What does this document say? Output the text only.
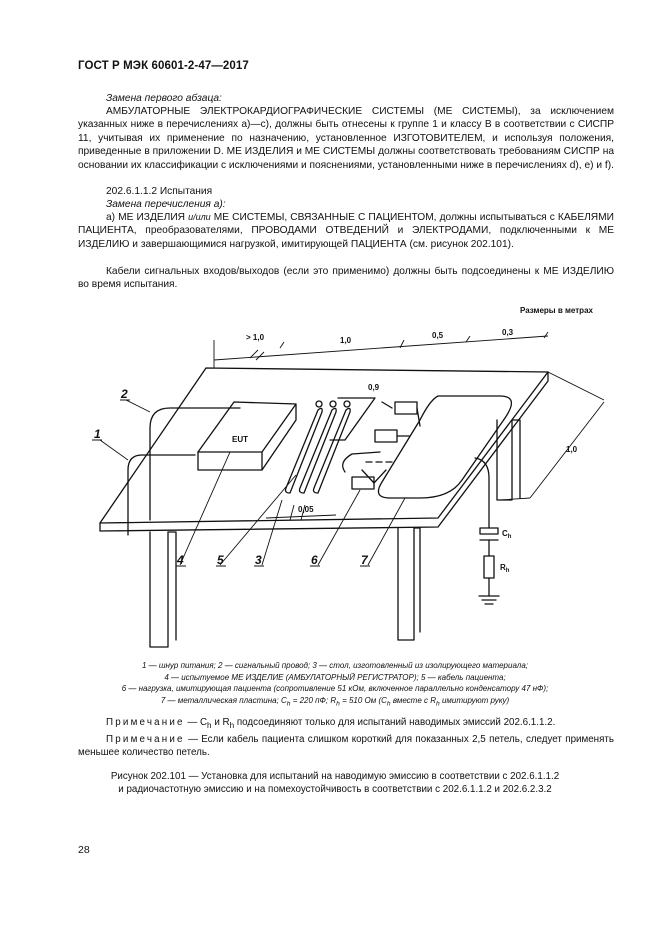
ГОСТ Р МЭК 60601-2-47—2017
Замена первого абзаца:
АМБУЛАТОРНЫЕ ЭЛЕКТРОКАРДИОГРАФИЧЕСКИЕ СИСТЕМЫ (МЕ СИСТЕМЫ), за исключением указанных ниже в перечислениях а)—с), должны быть отнесены к группе 1 и классу В в соответствии с СИСПР 11, учитывая их применение по назначению, установленное ИЗГОТОВИТЕЛЕМ, и используя положения, приведенные в приложении D. МЕ ИЗДЕЛИЯ и МЕ СИСТЕМЫ должны соответствовать требованиям СИСПР на основании их классификации с исключениями и пояснениями, установленными ниже в перечислениях d), e) и f).
202.6.1.1.2 Испытания
Замена перечисления а):
а) МЕ ИЗДЕЛИЯ и/или МЕ СИСТЕМЫ, СВЯЗАННЫЕ С ПАЦИЕНТОМ, должны испытываться с КАБЕЛЯМИ ПАЦИЕНТА, преобразователями, ПРОВОДАМИ ОТВЕДЕНИЙ и ЭЛЕКТРОДАМИ, подключенными к МЕ ИЗДЕЛИЮ и завершающимися нагрузкой, имитирующей ПАЦИЕНТА (см. рисунок 202.101).
Кабели сигнальных входов/выходов (если это применимо) должны быть подсоединены к МЕ ИЗДЕЛИЮ во время испытания.
Размеры в метрах
EUT
> 1,0	1,0
0,5	0,3
0,9
0,05
1,0
$C_h$
$R_h$
1
2
3
4	5	6	7
1 — шнур питания; 2 — сигнальный провод; 3 — стол, изготовленный из изолирующего материала;
4 — испытуемое МЕ ИЗДЕЛИЕ (АМБУЛАТОРНЫЙ РЕГИСТРАТОР); 5 — кабель пациента;
6 — нагрузка, имитирующая пациента (сопротивление 51 кОм, включенное параллельно конденсатору 47 нФ);
7 — металлическая пластина; $C_h = 220$ пФ; $R_h = 510$ Ом ($C_h$ вместе с $R_h$ имитируют руку)
Примечание — $C_h$ и $R_h$ подсоединяют только для испытаний наводимых эмиссий 202.6.1.1.2.
Примечание — Если кабель пациента слишком короткий для показанных 2,5 петель, следует применять меньшее количество петель.
Рисунок 202.101 — Установка для испытаний на наводимую эмиссию в соответствии с 202.6.1.1.2
и радиочастотную эмиссию и на помехоустойчивость в соответствии с 202.6.1.1.2 и 202.6.2.3.2
28
